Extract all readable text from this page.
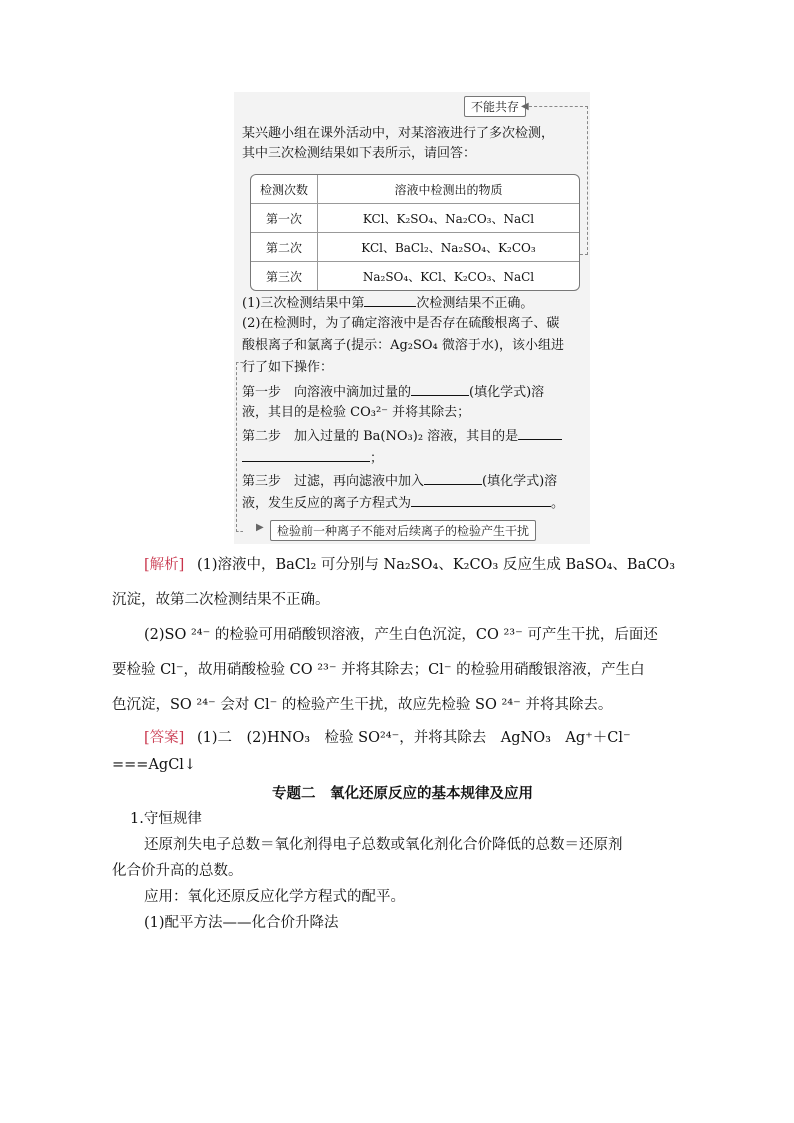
不能共存 ◀
某兴趣小组在课外活动中，对某溶液进行了多次检测，
其中三次检测结果如下表所示，请回答：
检测次数	溶液中检测出的物质
第一次	KCl、K₂SO₄、Na₂CO₃、NaCl
第二次	KCl、BaCl₂、Na₂SO₄、K₂CO₃
第三次	Na₂SO₄、KCl、K₂CO₃、NaCl
(1)三次检测结果中第	次检测结果不正确。
(2)在检测时，为了确定溶液中是否存在硫酸根离子、碳
酸根离子和氯离子(提示：Ag₂SO₄ 微溶于水)，该小组进
行了如下操作：
第一步　向溶液中滴加过量的	(填化学式)溶
液，其目的是检验 CO₃²⁻ 并将其除去；
第二步　加入过量的 Ba(NO₃)₂ 溶液，其目的是
；
第三步　过滤，再向滤液中加入	(填化学式)溶
液，发生反应的离子方程式为	。
▶	检验前一种离子不能对后续离子的检验产生干扰
[解析] (1)溶液中，BaCl₂ 可分别与 Na₂SO₄、K₂CO₃ 反应生成 BaSO₄、BaCO₃
沉淀，故第二次检测结果不正确。
(2)SO ²⁴⁻ 的检验可用硝酸钡溶液，产生白色沉淀，CO ²³⁻ 可产生干扰，后面还
要检验 Cl⁻，故用硝酸检验 CO ²³⁻ 并将其除去；Cl⁻ 的检验用硝酸银溶液，产生白
色沉淀，SO ²⁴⁻ 会对 Cl⁻ 的检验产生干扰，故应先检验 SO ²⁴⁻ 并将其除去。
[答案] (1)二　(2)HNO₃　检验 SO²⁴⁻，并将其除去　AgNO₃　Ag⁺＋Cl⁻
===AgCl↓
专题二　氧化还原反应的基本规律及应用
1.守恒规律
还原剂失电子总数＝氧化剂得电子总数或氧化剂化合价降低的总数＝还原剂
化合价升高的总数。
应用：氧化还原反应化学方程式的配平。
(1)配平方法——化合价升降法
